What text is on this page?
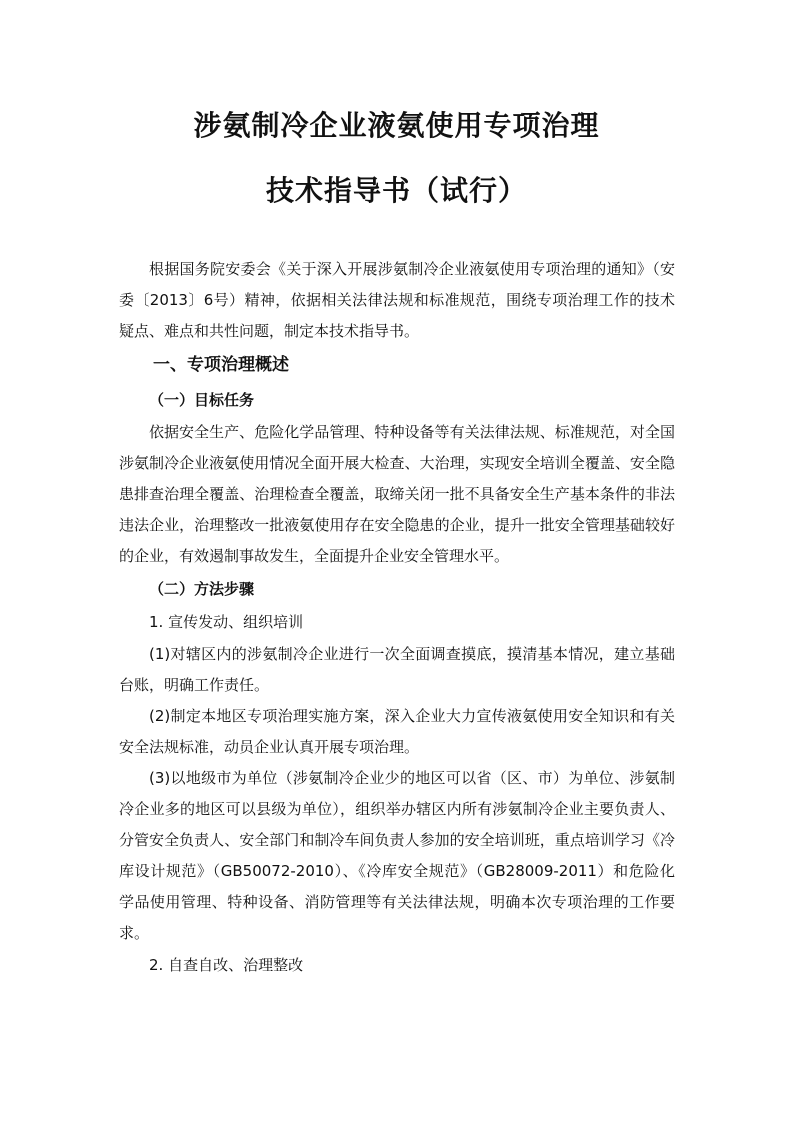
涉氨制冷企业液氨使用专项治理
技术指导书（试行）

根据国务院安委会《关于深入开展涉氨制冷企业液氨使用专项治理的通知》（安委〔2013〕6号）精神，依据相关法律法规和标准规范，围绕专项治理工作的技术疑点、难点和共性问题，制定本技术指导书。

一、专项治理概述

（一）目标任务

依据安全生产、危险化学品管理、特种设备等有关法律法规、标准规范，对全国涉氨制冷企业液氨使用情况全面开展大检查、大治理，实现安全培训全覆盖、安全隐患排查治理全覆盖、治理检查全覆盖，取缔关闭一批不具备安全生产基本条件的非法违法企业，治理整改一批液氨使用存在安全隐患的企业，提升一批安全管理基础较好的企业，有效遏制事故发生，全面提升企业安全管理水平。

（二）方法步骤

1. 宣传发动、组织培训

(1)对辖区内的涉氨制冷企业进行一次全面调查摸底，摸清基本情况，建立基础台账，明确工作责任。

(2)制定本地区专项治理实施方案，深入企业大力宣传液氨使用安全知识和有关安全法规标准，动员企业认真开展专项治理。

(3)以地级市为单位（涉氨制冷企业少的地区可以省（区、市）为单位、涉氨制冷企业多的地区可以县级为单位），组织举办辖区内所有涉氨制冷企业主要负责人、分管安全负责人、安全部门和制冷车间负责人参加的安全培训班，重点培训学习《冷库设计规范》（GB50072-2010）、《冷库安全规范》（GB28009-2011）和危险化学品使用管理、特种设备、消防管理等有关法律法规，明确本次专项治理的工作要求。

2. 自查自改、治理整改
